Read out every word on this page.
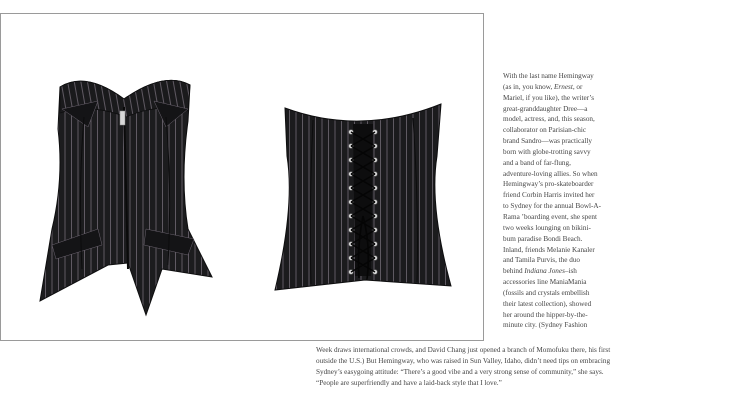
With the last name Hemingway (as in, you know, Ernest, or Mariel, if you like), the writer’s great-granddaughter Dree—a model, actress, and, this season, collaborator on Parisian-chic brand Sandro—was practically born with globe-trotting savvy and a band of far-flung, adventure-loving allies. So when Hemingway’s pro-skateboarder friend Corbin Harris invited her to Sydney for the annual Bowl-A-Rama ’boarding event, she spent two weeks lounging on bikini-bum paradise Bondi Beach. Inland, friends Melanie Kanaler and Tamila Purvis, the duo behind Indiana Jones–ish accessories line ManiaMania (fossils and crystals embellish their latest collection), showed her around the hipper-by-the-minute city. (Sydney Fashion

Week draws international crowds, and David Chang just opened a branch of Momofuku there, his first outside the U.S.) But Hemingway, who was raised in Sun Valley, Idaho, didn’t need tips on embracing Sydney’s easygoing attitude: “There’s a good vibe and a very strong sense of community,” she says. “People are superfriendly and have a laid-back style that I love.”
